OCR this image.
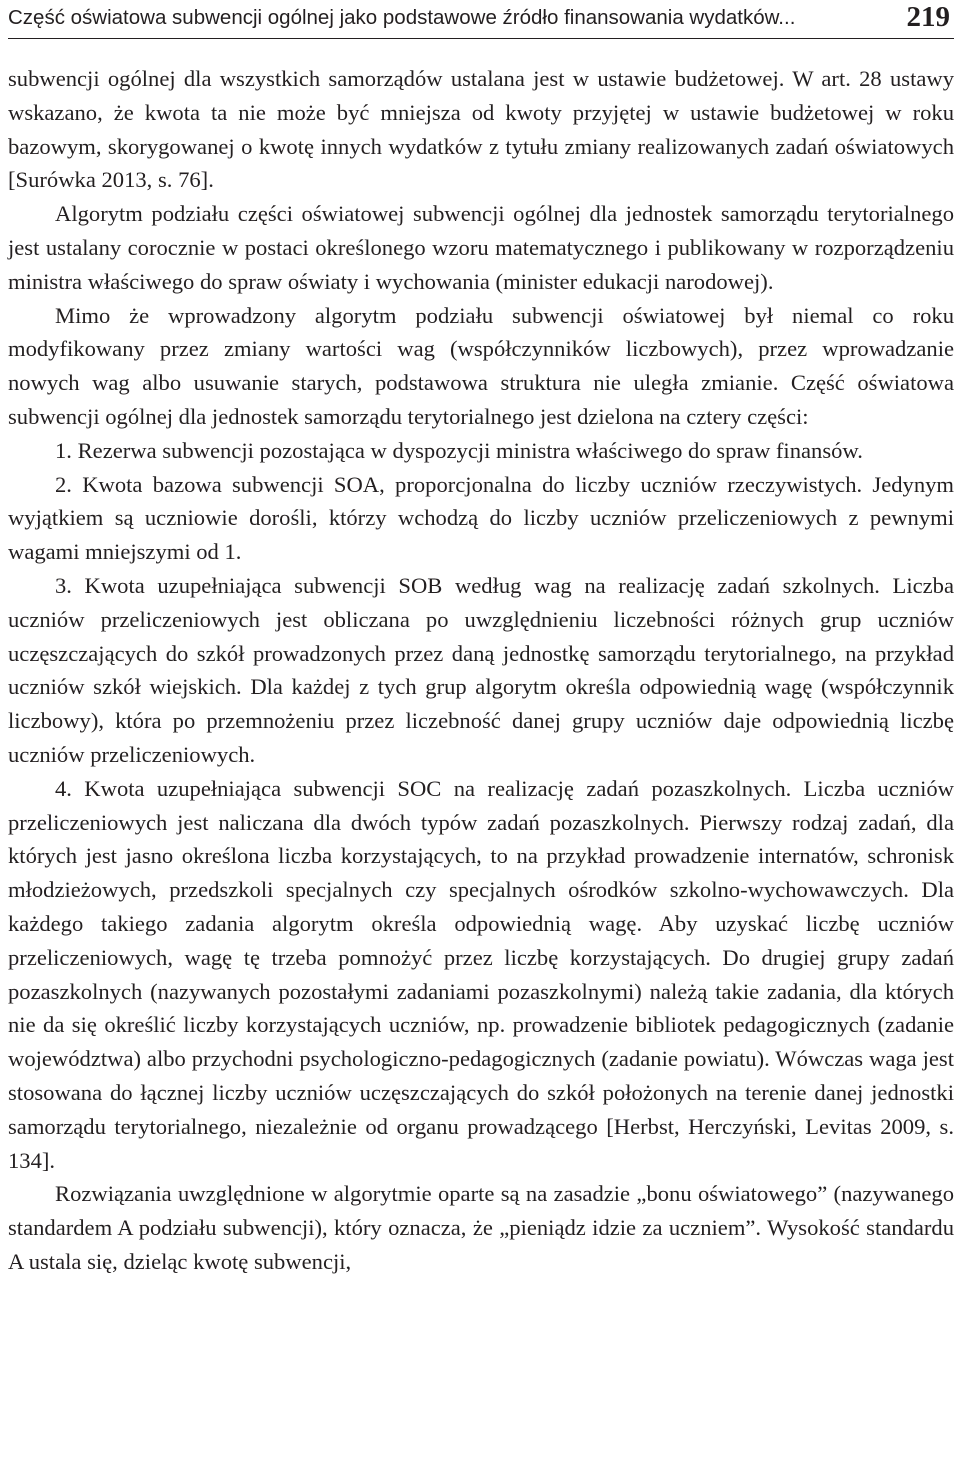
Część oświatowa subwencji ogólnej jako podstawowe źródło finansowania wydatków...	219

subwencji ogólnej dla wszystkich samorządów ustalana jest w ustawie budżetowej. W art. 28 ustawy wskazano, że kwota ta nie może być mniejsza od kwoty przyjętej w ustawie budżetowej w roku bazowym, skorygowanej o kwotę innych wydatków z tytułu zmiany realizowanych zadań oświatowych [Surówka 2013, s. 76].

Algorytm podziału części oświatowej subwencji ogólnej dla jednostek samorządu terytorialnego jest ustalany corocznie w postaci określonego wzoru matematycznego i publikowany w rozporządzeniu ministra właściwego do spraw oświaty i wychowania (minister edukacji narodowej).

Mimo że wprowadzony algorytm podziału subwencji oświatowej był niemal co roku modyfikowany przez zmiany wartości wag (współczynników liczbowych), przez wprowadzanie nowych wag albo usuwanie starych, podstawowa struktura nie uległa zmianie. Część oświatowa subwencji ogólnej dla jednostek samorządu terytorialnego jest dzielona na cztery części:

1. Rezerwa subwencji pozostająca w dyspozycji ministra właściwego do spraw finansów.

2. Kwota bazowa subwencji SOA, proporcjonalna do liczby uczniów rzeczywistych. Jedynym wyjątkiem są uczniowie dorośli, którzy wchodzą do liczby uczniów przeliczeniowych z pewnymi wagami mniejszymi od 1.

3. Kwota uzupełniająca subwencji SOB według wag na realizację zadań szkolnych. Liczba uczniów przeliczeniowych jest obliczana po uwzględnieniu liczebności różnych grup uczniów uczęszczających do szkół prowadzonych przez daną jednostkę samorządu terytorialnego, na przykład uczniów szkół wiejskich. Dla każdej z tych grup algorytm określa odpowiednią wagę (współczynnik liczbowy), która po przemnożeniu przez liczebność danej grupy uczniów daje odpowiednią liczbę uczniów przeliczeniowych.

4. Kwota uzupełniająca subwencji SOC na realizację zadań pozaszkolnych. Liczba uczniów przeliczeniowych jest naliczana dla dwóch typów zadań pozaszkolnych. Pierwszy rodzaj zadań, dla których jest jasno określona liczba korzystających, to na przykład prowadzenie internatów, schronisk młodzieżowych, przedszkoli specjalnych czy specjalnych ośrodków szkolno-wychowawczych. Dla każdego takiego zadania algorytm określa odpowiednią wagę. Aby uzyskać liczbę uczniów przeliczeniowych, wagę tę trzeba pomnożyć przez liczbę korzystających. Do drugiej grupy zadań pozaszkolnych (nazywanych pozostałymi zadaniami pozaszkolnymi) należą takie zadania, dla których nie da się określić liczby korzystających uczniów, np. prowadzenie bibliotek pedagogicznych (zadanie województwa) albo przychodni psychologiczno-pedagogicznych (zadanie powiatu). Wówczas waga jest stosowana do łącznej liczby uczniów uczęszczających do szkół położonych na terenie danej jednostki samorządu terytorialnego, niezależnie od organu prowadzącego [Herbst, Herczyński, Levitas 2009, s. 134].

Rozwiązania uwzględnione w algorytmie oparte są na zasadzie „bonu oświatowego” (nazywanego standardem A podziału subwencji), który oznacza, że „pieniądz idzie za uczniem”. Wysokość standardu A ustala się, dzieląc kwotę subwencji,
